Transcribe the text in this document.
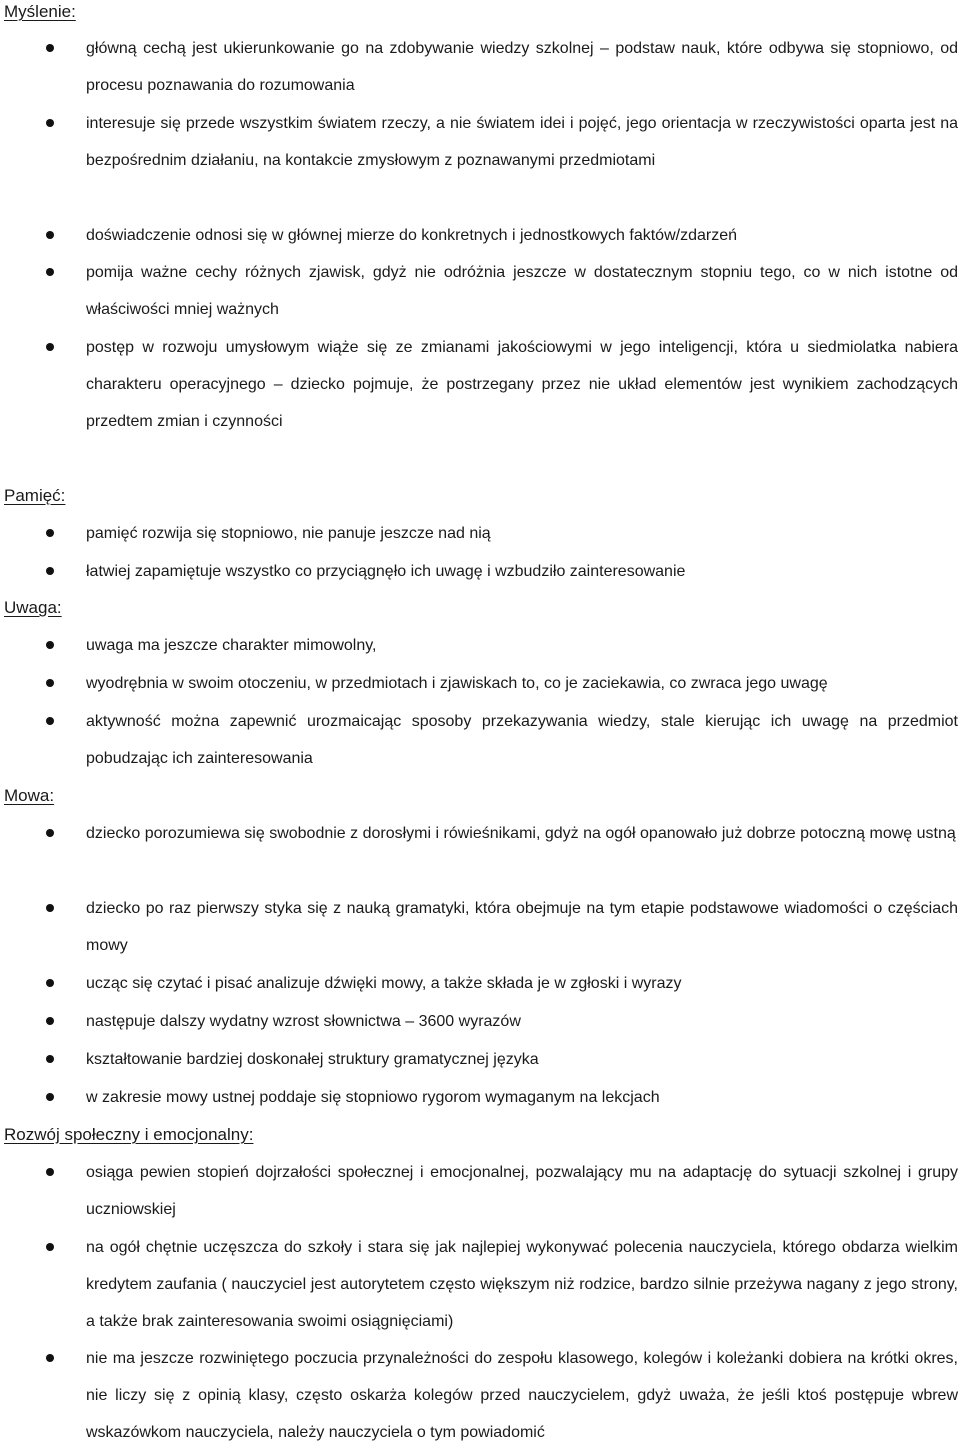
Myślenie:
główną cechą jest ukierunkowanie go na zdobywanie wiedzy szkolnej – podstaw nauk, które odbywa się stopniowo, od procesu poznawania do rozumowania
interesuje się przede wszystkim światem rzeczy, a nie światem idei i pojęć, jego orientacja w rzeczywistości oparta jest na bezpośrednim działaniu, na kontakcie zmysłowym z poznawanymi przedmiotami
doświadczenie odnosi się w głównej mierze do konkretnych i jednostkowych faktów/zdarzeń
pomija ważne cechy różnych zjawisk, gdyż nie odróżnia jeszcze w dostatecznym stopniu tego, co w nich istotne od właściwości mniej ważnych
postęp w rozwoju umysłowym wiąże się ze zmianami jakościowymi w jego inteligencji, która u siedmiolatka nabiera charakteru operacyjnego – dziecko pojmuje, że postrzegany przez nie układ elementów jest wynikiem zachodzących przedtem zmian i czynności
Pamięć:
pamięć rozwija się stopniowo, nie panuje jeszcze nad nią
łatwiej zapamiętuje wszystko co przyciągnęło ich uwagę i wzbudziło zainteresowanie
Uwaga:
uwaga ma jeszcze charakter mimowolny,
wyodrębnia w swoim otoczeniu, w przedmiotach i zjawiskach to, co je zaciekawia, co zwraca jego uwagę
aktywność można zapewnić urozmaicając sposoby przekazywania wiedzy, stale kierując ich uwagę na przedmiot pobudzając ich zainteresowania
Mowa:
dziecko porozumiewa się swobodnie z dorosłymi i rówieśnikami, gdyż na ogół opanowało już dobrze potoczną mowę ustną
dziecko po raz pierwszy styka się z nauką gramatyki, która obejmuje na tym etapie podstawowe wiadomości o częściach mowy
ucząc się czytać i pisać analizuje dźwięki mowy, a także składa je w zgłoski i wyrazy
następuje dalszy wydatny wzrost słownictwa – 3600 wyrazów
kształtowanie bardziej doskonałej struktury gramatycznej języka
w zakresie mowy ustnej poddaje się stopniowo rygorom wymaganym na lekcjach
Rozwój społeczny i emocjonalny:
osiąga pewien stopień dojrzałości społecznej i emocjonalnej, pozwalający mu na adaptację do sytuacji szkolnej i grupy uczniowskiej
na ogół chętnie uczęszcza do szkoły i stara się jak najlepiej wykonywać polecenia nauczyciela, którego obdarza wielkim kredytem zaufania ( nauczyciel jest autorytetem często większym niż rodzice, bardzo silnie przeżywa nagany z jego strony, a także brak zainteresowania swoimi osiągnięciami)
nie ma jeszcze rozwiniętego poczucia przynależności do zespołu klasowego, kolegów i koleżanki dobiera na krótki okres, nie liczy się z opinią klasy, często oskarża kolegów przed nauczycielem, gdyż uważa, że jeśli ktoś postępuje wbrew wskazówkom nauczyciela, należy nauczyciela o tym powiadomić
